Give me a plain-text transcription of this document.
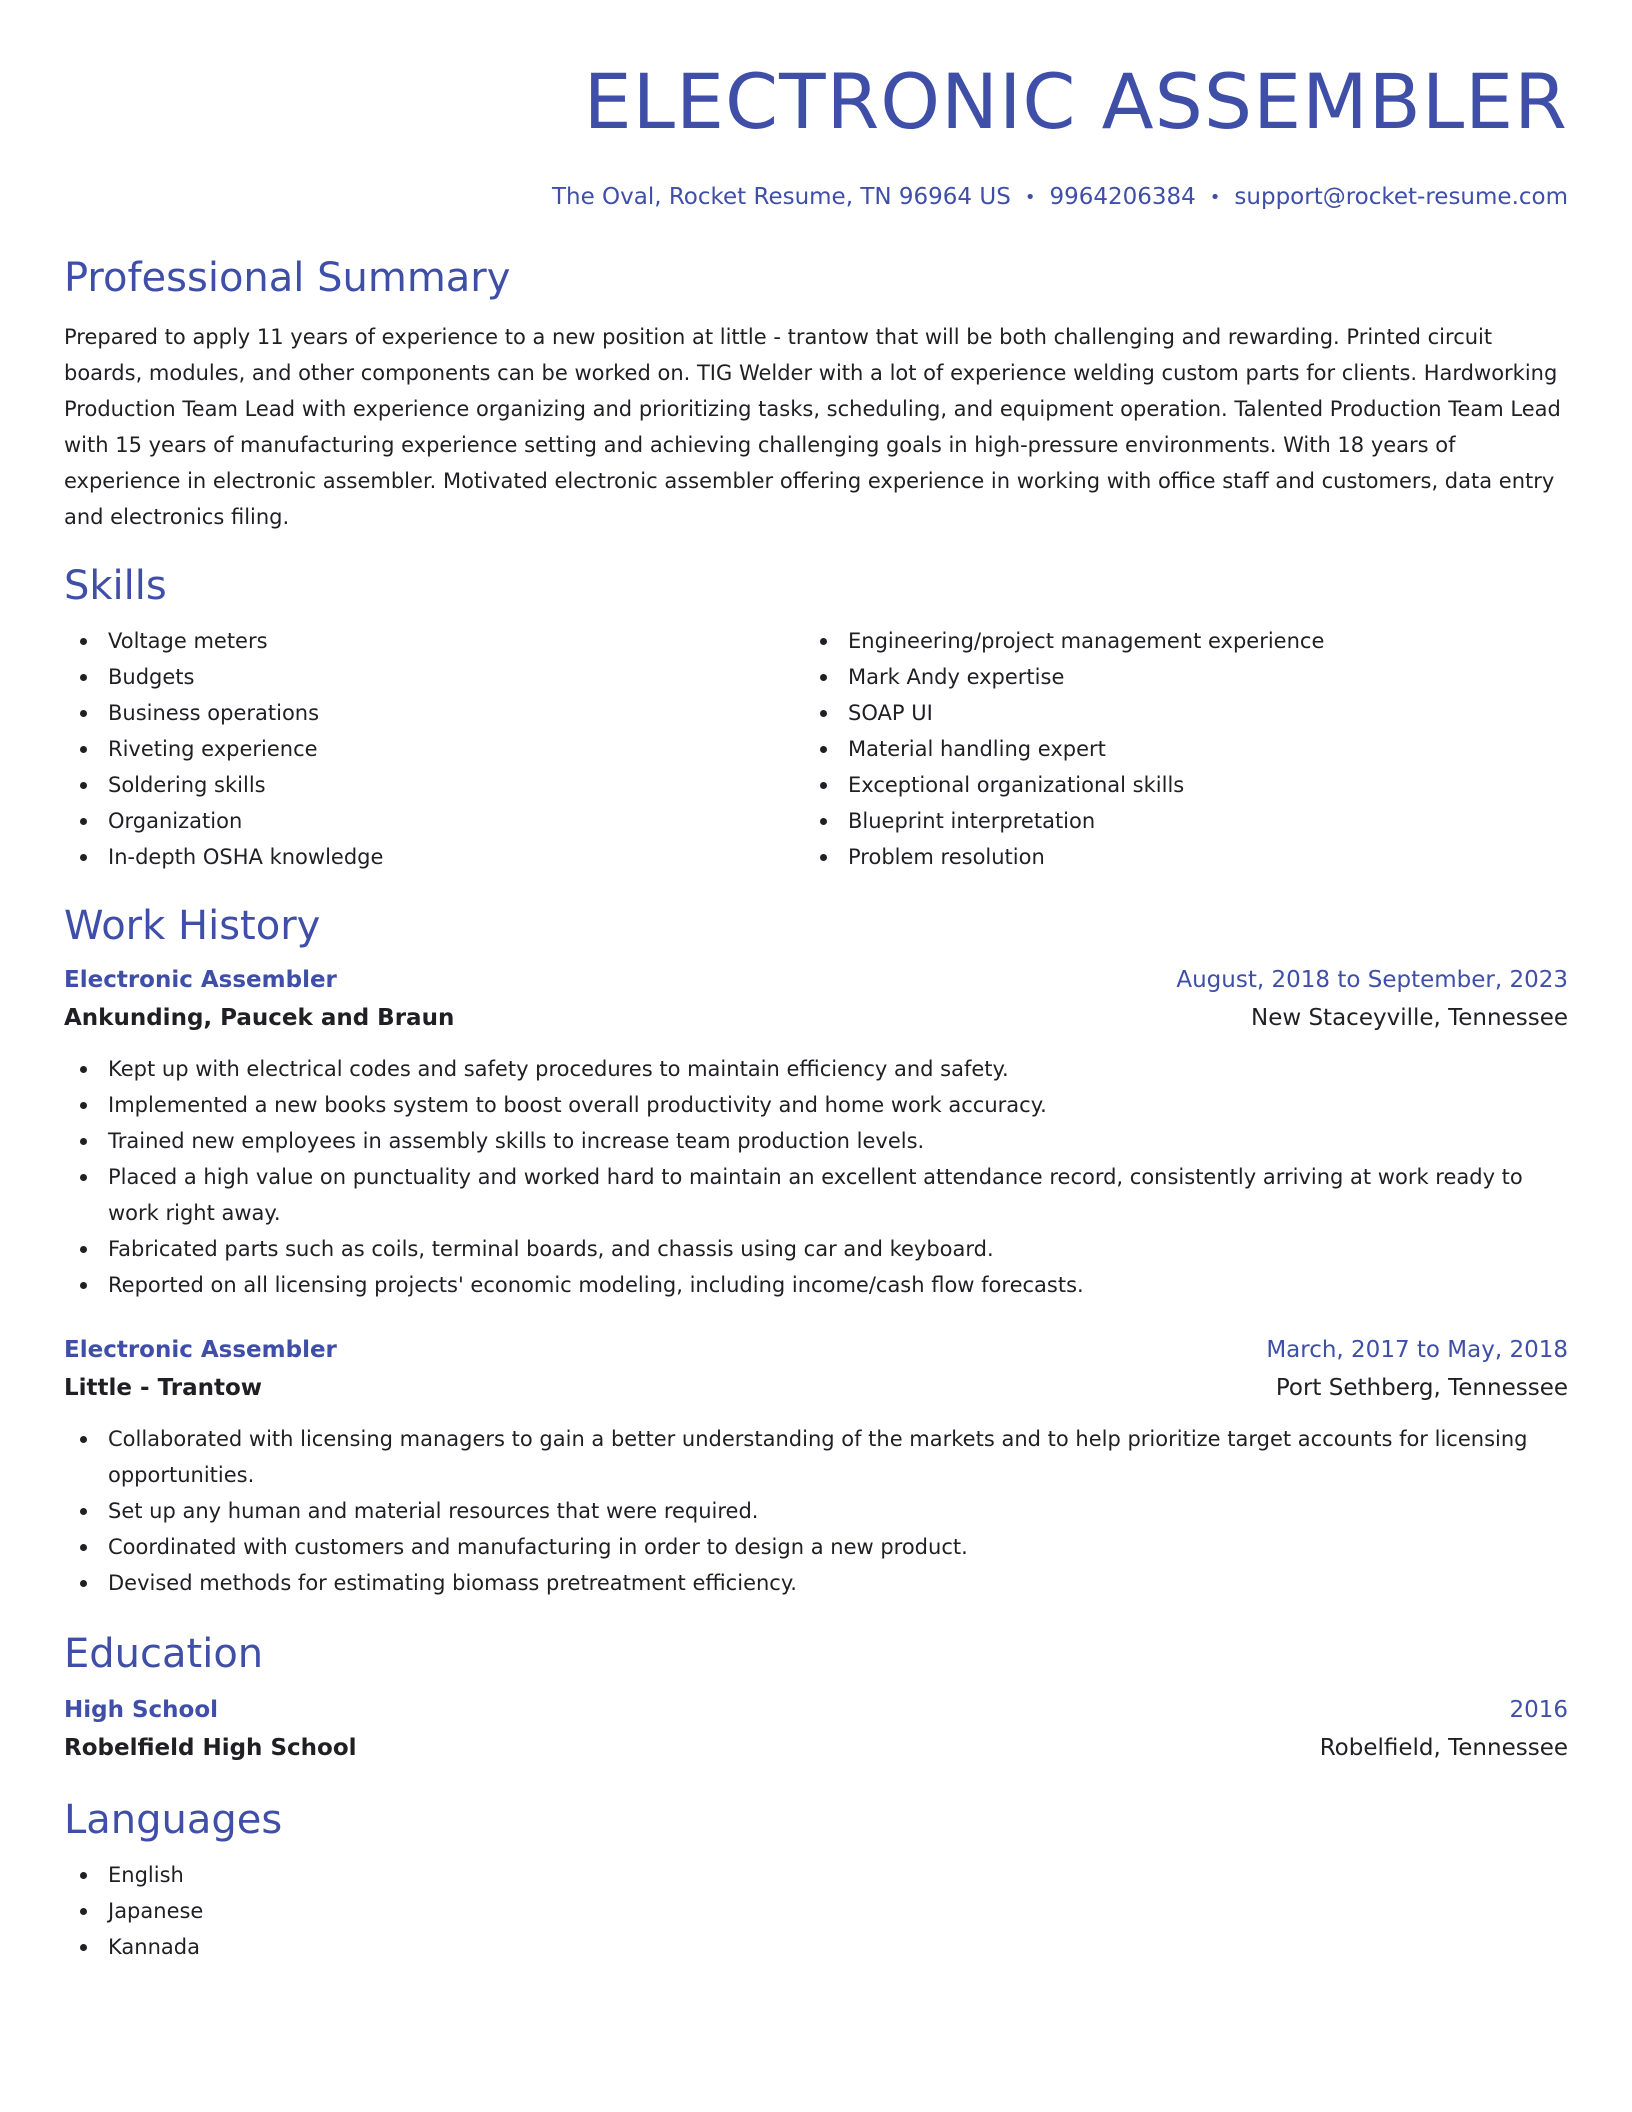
ELECTRONIC ASSEMBLER
The Oval, Rocket Resume, TN 96964 US • 9964206384 • support@rocket-resume.com
Professional Summary
Prepared to apply 11 years of experience to a new position at little - trantow that will be both challenging and rewarding. Printed circuit boards, modules, and other components can be worked on. TIG Welder with a lot of experience welding custom parts for clients. Hardworking Production Team Lead with experience organizing and prioritizing tasks, scheduling, and equipment operation. Talented Production Team Lead with 15 years of manufacturing experience setting and achieving challenging goals in high-pressure environments. With 18 years of experience in electronic assembler. Motivated electronic assembler offering experience in working with office staff and customers, data entry and electronics filing.
Skills
Voltage meters
Budgets
Business operations
Riveting experience
Soldering skills
Organization
In-depth OSHA knowledge
Engineering/project management experience
Mark Andy expertise
SOAP UI
Material handling expert
Exceptional organizational skills
Blueprint interpretation
Problem resolution
Work History
Electronic Assembler	August, 2018 to September, 2023
Ankunding, Paucek and Braun	New Staceyville, Tennessee
Kept up with electrical codes and safety procedures to maintain efficiency and safety.
Implemented a new books system to boost overall productivity and home work accuracy.
Trained new employees in assembly skills to increase team production levels.
Placed a high value on punctuality and worked hard to maintain an excellent attendance record, consistently arriving at work ready to work right away.
Fabricated parts such as coils, terminal boards, and chassis using car and keyboard.
Reported on all licensing projects' economic modeling, including income/cash flow forecasts.
Electronic Assembler	March, 2017 to May, 2018
Little - Trantow	Port Sethberg, Tennessee
Collaborated with licensing managers to gain a better understanding of the markets and to help prioritize target accounts for licensing opportunities.
Set up any human and material resources that were required.
Coordinated with customers and manufacturing in order to design a new product.
Devised methods for estimating biomass pretreatment efficiency.
Education
High School	2016
Robelfield High School	Robelfield, Tennessee
Languages
English
Japanese
Kannada
